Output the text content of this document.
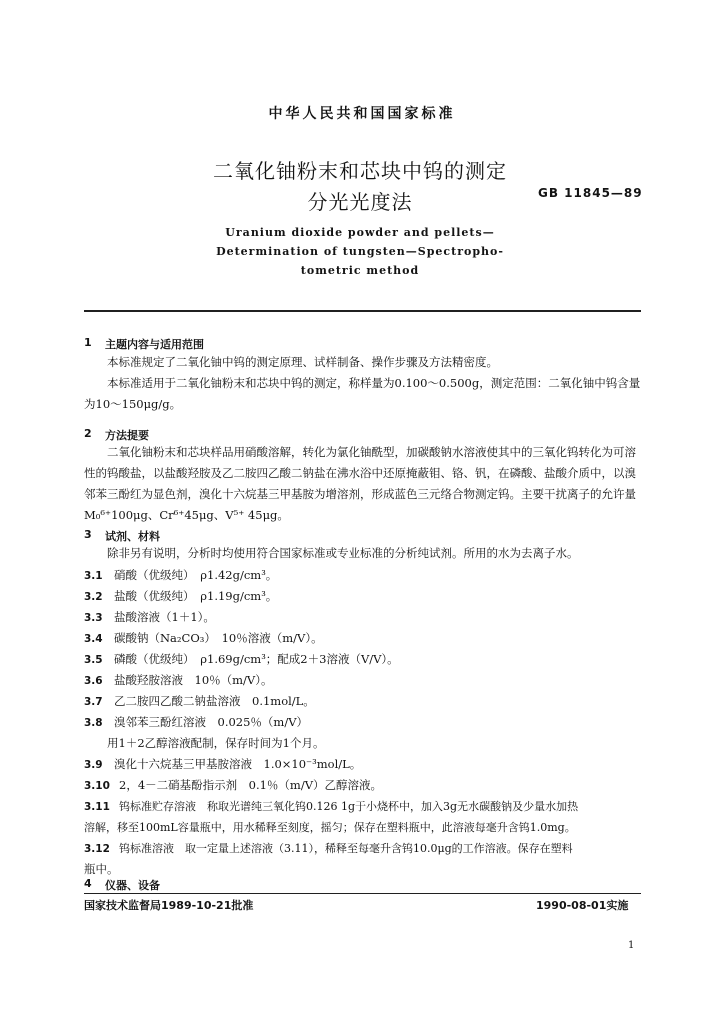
中华人民共和国国家标准
二氧化铀粉末和芯块中钨的测定
分光光度法	GB 11845—89
Uranium dioxide powder and pellets—
Determination of tungsten—Spectropho-
tometric method
1 主题内容与适用范围
本标准规定了二氧化铀中钨的测定原理、试样制备、操作步骤及方法精密度。
本标准适用于二氧化铀粉末和芯块中钨的测定，称样量为0.100～0.500g，测定范围：二氧化铀中钨含量为10～150μg/g。
2 方法提要
二氧化铀粉末和芯块样品用硝酸溶解，转化为氯化铀酰型，加碳酸钠水溶液使其中的三氧化钨转化为可溶性的钨酸盐，以盐酸羟胺及乙二胺四乙酸二钠盐在沸水浴中还原掩蔽钼、铬、钒，在磷酸、盐酸介质中，以溴邻苯三酚红为显色剂，溴化十六烷基三甲基胺为增溶剂，形成蓝色三元络合物测定钨。主要干扰离子的允许量M₀⁶⁺100μg、Cr⁶⁺45μg、V⁵⁺ 45μg。
3 试剂、材料
除非另有说明，分析时均使用符合国家标准或专业标准的分析纯试剂。所用的水为去离子水。
3.1 硝酸（优级纯）　ρ1.42g/cm³。
3.2 盐酸（优级纯）　ρ1.19g/cm³。
3.3 盐酸溶液（1＋1）。
3.4 碳酸钠（Na₂CO₃）　10％溶液（m/V）。
3.5 磷酸（优级纯）　ρ1.69g/cm³；配成2＋3溶液（V/V）。
3.6 盐酸羟胺溶液　10％（m/V）。
3.7 乙二胺四乙酸二钠盐溶液　0.1mol/L。
3.8 溴邻苯三酚红溶液　0.025％（m/V）
用1＋2乙醇溶液配制，保存时间为1个月。
3.9 溴化十六烷基三甲基胺溶液　1.0×10⁻³mol/L。
3.10 2，4－二硝基酚指示剂　0.1％（m/V）乙醇溶液。
3.11 钨标准贮存溶液　称取光谱纯三氧化钨0.126 1g于小烧杯中，加入3g无水碳酸钠及少量水加热
溶解，移至100mL容量瓶中，用水稀释至刻度，摇匀；保存在塑料瓶中，此溶液每毫升含钨1.0mg。
3.12 钨标准溶液　取一定量上述溶液（3.11），稀释至每毫升含钨10.0μg的工作溶液。保存在塑料
瓶中。
4 仪器、设备
国家技术监督局1989-10-21批准	1990-08-01实施
1
